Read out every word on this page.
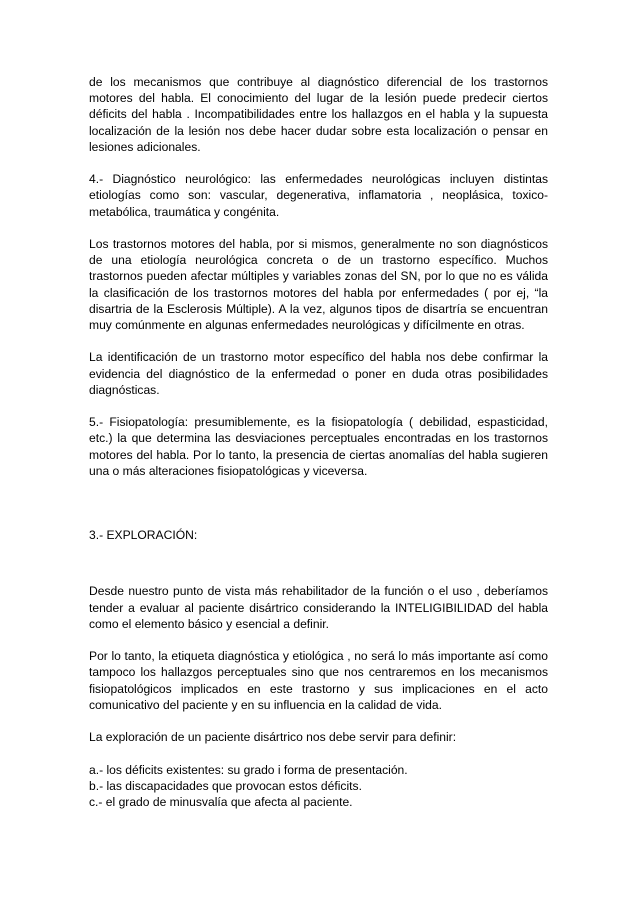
de los mecanismos que contribuye al diagnóstico diferencial de los trastornos motores del habla. El conocimiento del lugar de la lesión puede predecir ciertos déficits del habla . Incompatibilidades entre los hallazgos en el habla y la supuesta localización de la lesión nos debe hacer dudar sobre esta localización o pensar en lesiones adicionales.

4.- Diagnóstico neurológico: las enfermedades neurológicas incluyen distintas etiologías como son: vascular, degenerativa, inflamatoria , neoplásica, toxico-metabólica, traumática y congénita.

Los trastornos motores del habla, por si mismos, generalmente no son diagnósticos de una etiología neurológica concreta o de un trastorno específico. Muchos trastornos pueden afectar múltiples y variables zonas del SN, por lo que no es válida la clasificación de los trastornos motores del habla por enfermedades ( por ej, “la disartria de la Esclerosis Múltiple). A la vez, algunos tipos de disartría se encuentran muy comúnmente en algunas enfermedades neurológicas y difícilmente en otras.

La identificación de un trastorno motor específico del habla nos debe confirmar la evidencia del diagnóstico de la enfermedad o poner en duda otras posibilidades diagnósticas.

5.- Fisiopatología: presumiblemente, es la fisiopatología ( debilidad, espasticidad, etc.) la que determina las desviaciones perceptuales encontradas en los trastornos motores del habla. Por lo tanto, la presencia de ciertas anomalías del habla sugieren una o más alteraciones fisiopatológicas y viceversa.

3.- EXPLORACIÓN:

Desde nuestro punto de vista más rehabilitador de la función o el uso , deberíamos tender a evaluar al paciente disártrico considerando la INTELIGIBILIDAD del habla como el elemento básico y esencial a definir.

Por lo tanto, la etiqueta diagnóstica y etiológica , no será lo más importante así como tampoco los hallazgos perceptuales sino que nos centraremos en los mecanismos fisiopatológicos implicados en este trastorno y sus implicaciones en el acto comunicativo del paciente y en su influencia en la calidad de vida.

La exploración de un paciente disártrico nos debe servir para definir:

a.- los déficits existentes: su grado i forma de presentación.
b.- las discapacidades que provocan estos déficits.
c.- el grado de minusvalía que afecta al paciente.
